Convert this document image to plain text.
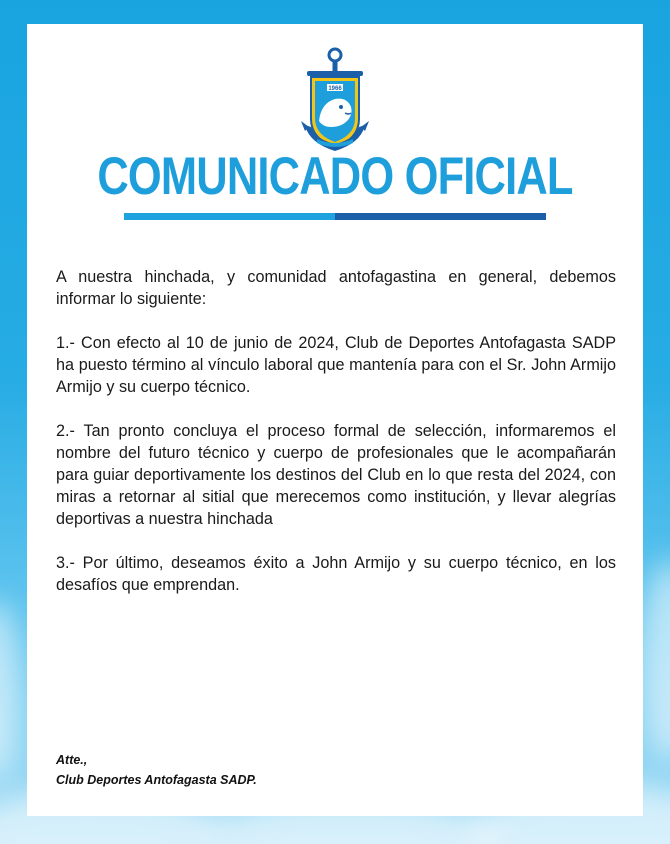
1966
COMUNICADO OFICIAL

A nuestra hinchada, y comunidad antofagastina en general, debemos informar lo siguiente:

1.- Con efecto al 10 de junio de 2024, Club de Deportes Antofagasta SADP ha puesto término al vínculo laboral que mantenía para con el Sr. John Armijo Armijo y su cuerpo técnico.

2.- Tan pronto concluya el proceso formal de selección, informaremos el nombre del futuro técnico y cuerpo de profesionales que le acompañarán para guiar deportivamente los destinos del Club en lo que resta del 2024, con miras a retornar al sitial que merecemos como institución, y llevar alegrías deportivas a nuestra hinchada

3.- Por último, deseamos éxito a John Armijo y su cuerpo técnico, en los desafíos que emprendan.

Atte.,
Club Deportes Antofagasta SADP.
